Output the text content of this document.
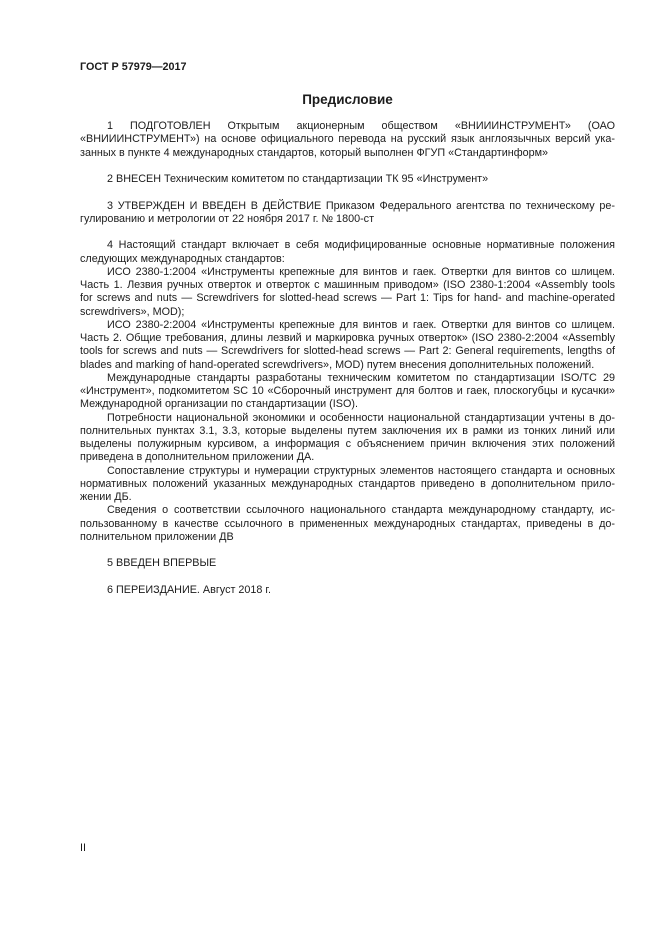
ГОСТ Р 57979—2017
Предисловие
1 ПОДГОТОВЛЕН Открытым акционерным обществом «ВНИИИНСТРУМЕНТ» (ОАО
«ВНИИИНСТРУМЕНТ») на основе официального перевода на русский язык англоязычных версий ука-
занных в пункте 4 международных стандартов, который выполнен ФГУП «Стандартинформ»
2 ВНЕСЕН Техническим комитетом по стандартизации ТК 95 «Инструмент»
3 УТВЕРЖДЕН И ВВЕДЕН В ДЕЙСТВИЕ Приказом Федерального агентства по техническому ре-
гулированию и метрологии от 22 ноября 2017 г. № 1800-ст
4 Настоящий стандарт включает в себя модифицированные основные нормативные положения
следующих международных стандартов:
ИСО 2380-1:2004 «Инструменты крепежные для винтов и гаек. Отвертки для винтов со шлицем.
Часть 1. Лезвия ручных отверток и отверток с машинным приводом» (ISO 2380-1:2004 «Assembly tools
for screws and nuts — Screwdrivers for slotted-head screws — Part 1: Tips for hand- and machine-operated
screwdrivers», MOD);
ИСО 2380-2:2004 «Инструменты крепежные для винтов и гаек. Отвертки для винтов со шлицем.
Часть 2. Общие требования, длины лезвий и маркировка ручных отверток» (ISO 2380-2:2004 «Assembly
tools for screws and nuts — Screwdrivers for slotted-head screws — Part 2: General requirements, lengths of
blades and marking of hand-operated screwdrivers», MOD) путем внесения дополнительных положений.
Международные стандарты разработаны техническим комитетом по стандартизации ISO/TC 29
«Инструмент», подкомитетом SC 10 «Сборочный инструмент для болтов и гаек, плоскогубцы и кусачки»
Международной организации по стандартизации (ISO).
Потребности национальной экономики и особенности национальной стандартизации учтены в до-
полнительных пунктах 3.1, 3.3, которые выделены путем заключения их в рамки из тонких линий или
выделены полужирным курсивом, а информация с объяснением причин включения этих положений
приведена в дополнительном приложении ДА.
Сопоставление структуры и нумерации структурных элементов настоящего стандарта и основных
нормативных положений указанных международных стандартов приведено в дополнительном прило-
жении ДБ.
Сведения о соответствии ссылочного национального стандарта международному стандарту, ис-
пользованному в качестве ссылочного в примененных международных стандартах, приведены в до-
полнительном приложении ДВ
5 ВВЕДЕН ВПЕРВЫЕ
6 ПЕРЕИЗДАНИЕ. Август 2018 г.
II
